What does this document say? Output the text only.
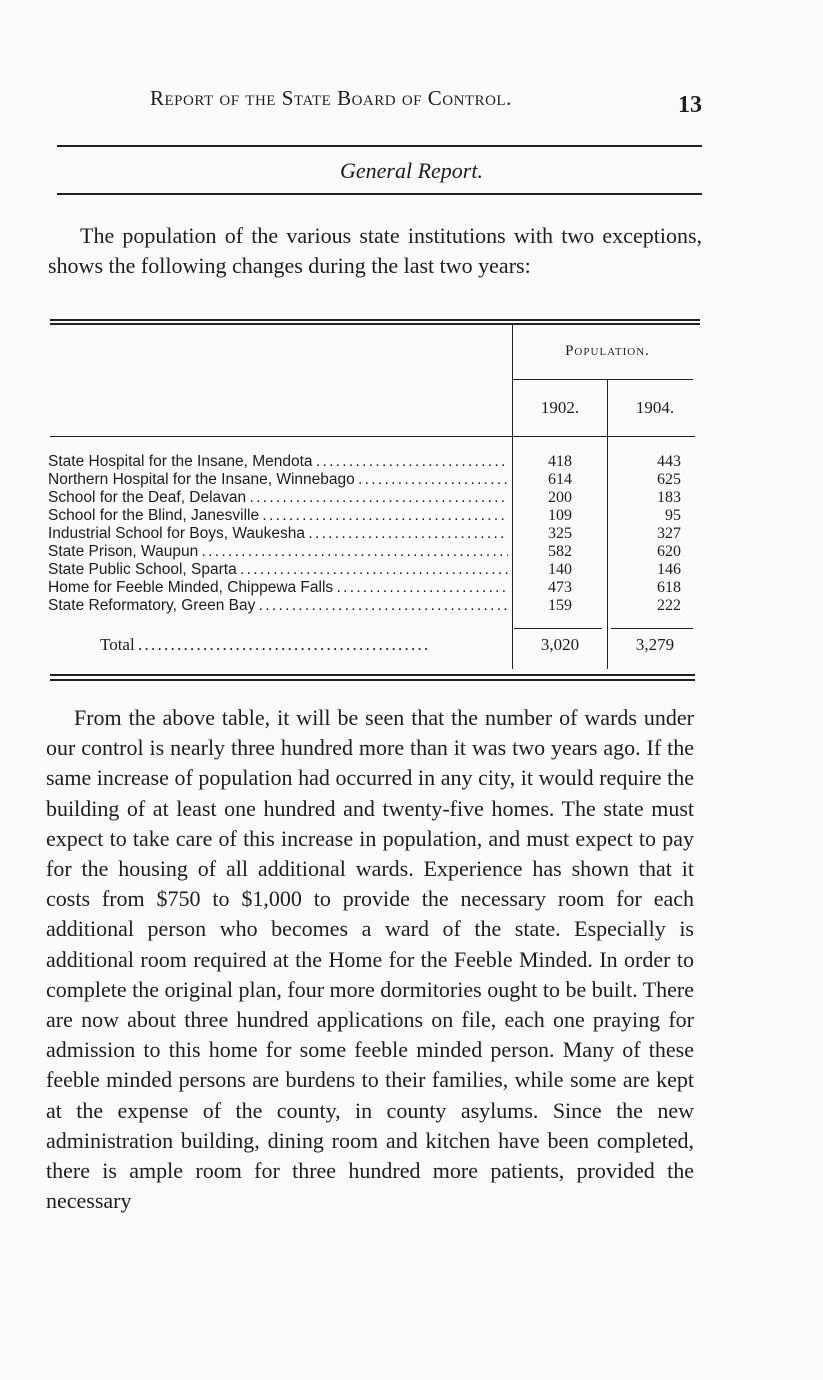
Report of the State Board of Control.	13
General Report.
The population of the various state institutions with two exceptions, shows the following changes during the last two years:
Population.
1902.	1904.
State Hospital for the Insane, Mendota . . .	418	443
Northern Hospital for the Insane, Winnebago . . .	614	625
School for the Deaf, Delavan . . .	200	183
School for the Blind, Janesville . . .	109	95
Industrial School for Boys, Waukesha . . .	325	327
State Prison, Waupun . . .	582	620
State Public School, Sparta . . .	140	146
Home for Feeble Minded, Chippewa Falls . . .	473	618
State Reformatory, Green Bay . . .	159	222
Total . . .	3,020	3,279
From the above table, it will be seen that the number of wards under our control is nearly three hundred more than it was two years ago. If the same increase of population had occurred in any city, it would require the building of at least one hundred and twenty-five homes. The state must expect to take care of this increase in population, and must expect to pay for the housing of all additional wards. Experience has shown that it costs from $750 to $1,000 to provide the necessary room for each additional person who becomes a ward of the state. Especially is additional room required at the Home for the Feeble Minded. In order to complete the original plan, four more dormitories ought to be built. There are now about three hundred applications on file, each one praying for admission to this home for some feeble minded person. Many of these feeble minded persons are burdens to their families, while some are kept at the expense of the county, in county asylums. Since the new administration building, dining room and kitchen have been completed, there is ample room for three hundred more patients, provided the necessary
